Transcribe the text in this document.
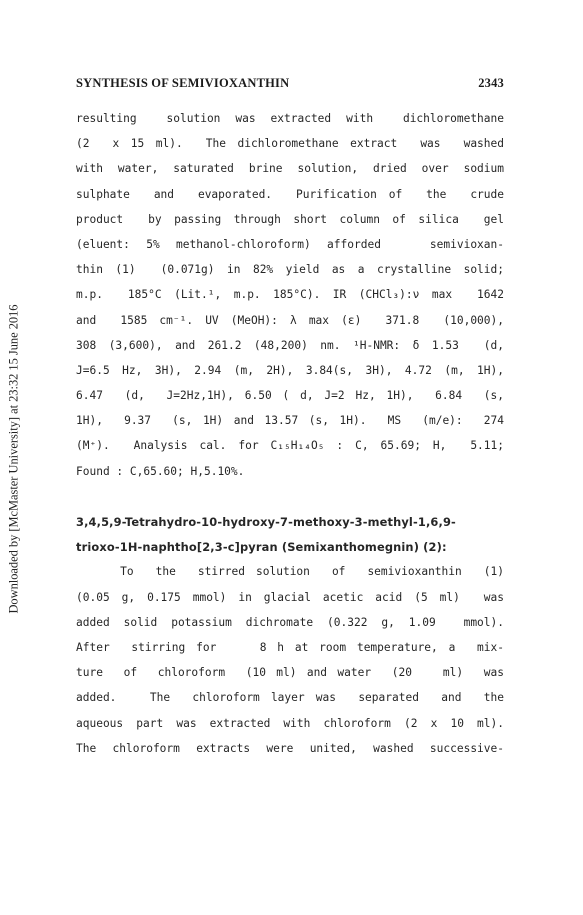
Downloaded by [McMaster University] at 23:32 15 June 2016
SYNTHESIS OF SEMIVIOXANTHIN	2343
resulting  solution was extracted with  dichloromethane
(2  x 15 ml).  The dichloromethane extract  was  washed
with water, saturated brine solution, dried over sodium
sulphate  and  evaporated.  Purification of  the  crude
product  by passing through short column of silica  gel
(eluent: 5% methanol-chloroform) afforded   semivioxan-
thin (1)  (0.071g) in 82% yield as a crystalline solid;
m.p.  185°C (Lit.¹, m.p. 185°C). IR (CHCl₃):ν max  1642
and  1585 cm⁻¹. UV (MeOH): λ max (ε)  371.8  (10,000),
308 (3,600), and 261.2 (48,200) nm. ¹H-NMR: δ 1.53  (d,
J=6.5 Hz, 3H), 2.94 (m, 2H), 3.84(s, 3H), 4.72 (m, 1H),
6.47  (d,  J=2Hz,1H), 6.50 ( d, J=2 Hz, 1H),  6.84  (s,
1H),  9.37  (s, 1H) and 13.57 (s, 1H).  MS  (m/e):  274
(M⁺).  Analysis cal. for C₁₅H₁₄O₅ : C, 65.69; H,  5.11;
Found : C,65.60; H,5.10%.
3,4,5,9-Tetrahydro-10-hydroxy-7-methoxy-3-methyl-1,6,9-
trioxo-1H-naphtho[2,3-c]pyran (Semixanthomegnin) (2):
To  the  stirred solution  of  semivioxanthin  (1)
(0.05 g, 0.175 mmol) in glacial acetic acid (5 ml)  was
added solid potassium dichromate (0.322 g, 1.09  mmol).
After  stirring for    8 h at room temperature, a  mix-
ture  of  chloroform  (10 ml) and water  (20   ml)  was
added.   The  chloroform layer was  separated  and  the
aqueous part was extracted with chloroform (2 x 10 ml).
The chloroform extracts were united, washed successive-
